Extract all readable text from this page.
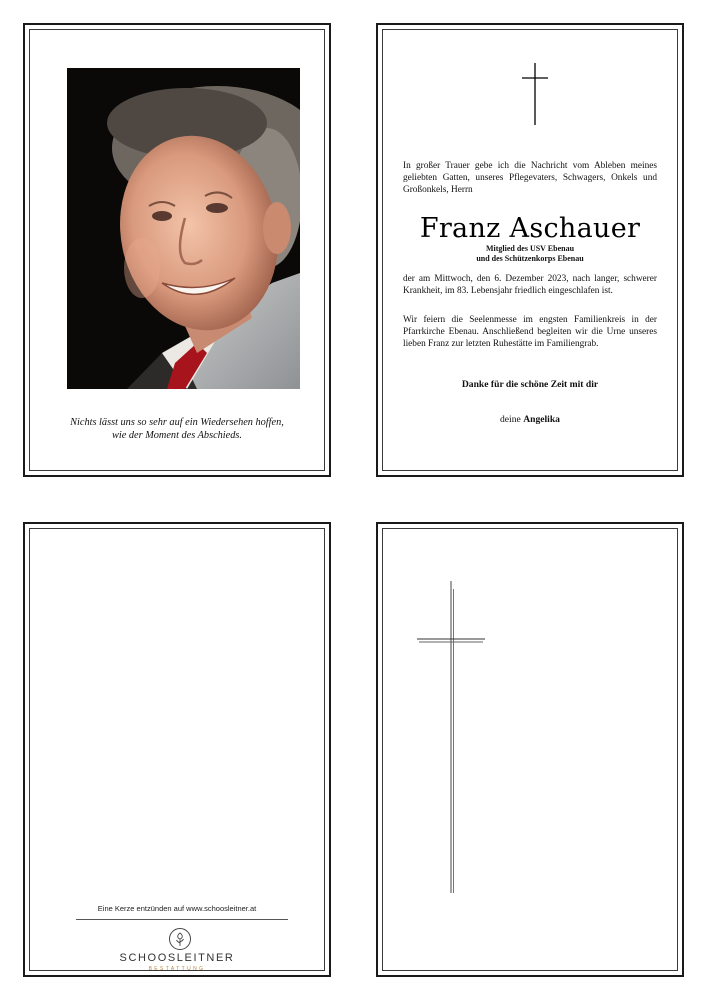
Nichts lässt uns so sehr auf ein Wiedersehen hoffen,
wie der Moment des Abschieds.
In großer Trauer gebe ich die Nachricht vom Ableben meines geliebten Gatten, unseres Pflegevaters, Schwagers, Onkels und Großonkels, Herrn
Franz Aschauer
Mitglied des USV Ebenau
und des Schützenkorps Ebenau
der am Mittwoch, den 6. Dezember 2023, nach langer, schwerer Krankheit, im 83. Lebensjahr friedlich eingeschlafen ist.
Wir feiern die Seelenmesse im engsten Familienkreis in der Pfarrkirche Ebenau. Anschließend begleiten wir die Urne unseres lieben Franz zur letzten Ruhestätte im Familiengrab.
Danke für die schöne Zeit mit dir
deine Angelika
Eine Kerze entzünden auf www.schoosleitner.at
SCHOOSLEITNER
BESTATTUNG
